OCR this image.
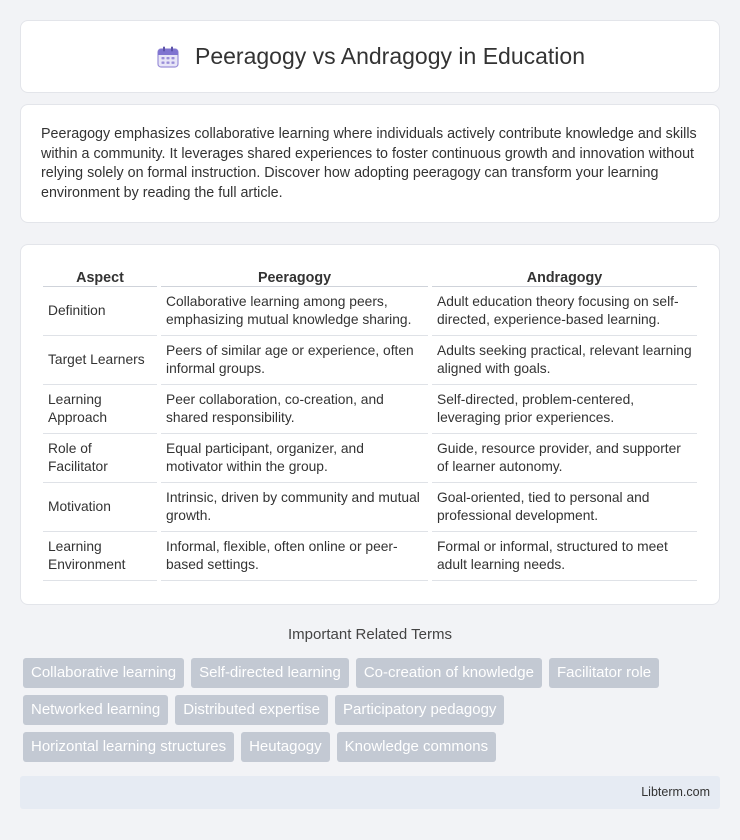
Peeragogy vs Andragogy in Education

Peeragogy emphasizes collaborative learning where individuals actively contribute knowledge and skills within a community. It leverages shared experiences to foster continuous growth and innovation without relying solely on formal instruction. Discover how adopting peeragogy can transform your learning environment by reading the full article.

Aspect	Peeragogy	Andragogy
Definition	Collaborative learning among peers, emphasizing mutual knowledge sharing.	Adult education theory focusing on self-directed, experience-based learning.
Target Learners	Peers of similar age or experience, often informal groups.	Adults seeking practical, relevant learning aligned with goals.
Learning Approach	Peer collaboration, co-creation, and shared responsibility.	Self-directed, problem-centered, leveraging prior experiences.
Role of Facilitator	Equal participant, organizer, and motivator within the group.	Guide, resource provider, and supporter of learner autonomy.
Motivation	Intrinsic, driven by community and mutual growth.	Goal-oriented, tied to personal and professional development.
Learning Environment	Informal, flexible, often online or peer-based settings.	Formal or informal, structured to meet adult learning needs.
Important Related Terms
Collaborative learning	Self-directed learning	Co-creation of knowledge	Facilitator role
Networked learning	Distributed expertise	Participatory pedagogy
Horizontal learning structures	Heutagogy	Knowledge commons
Libterm.com
